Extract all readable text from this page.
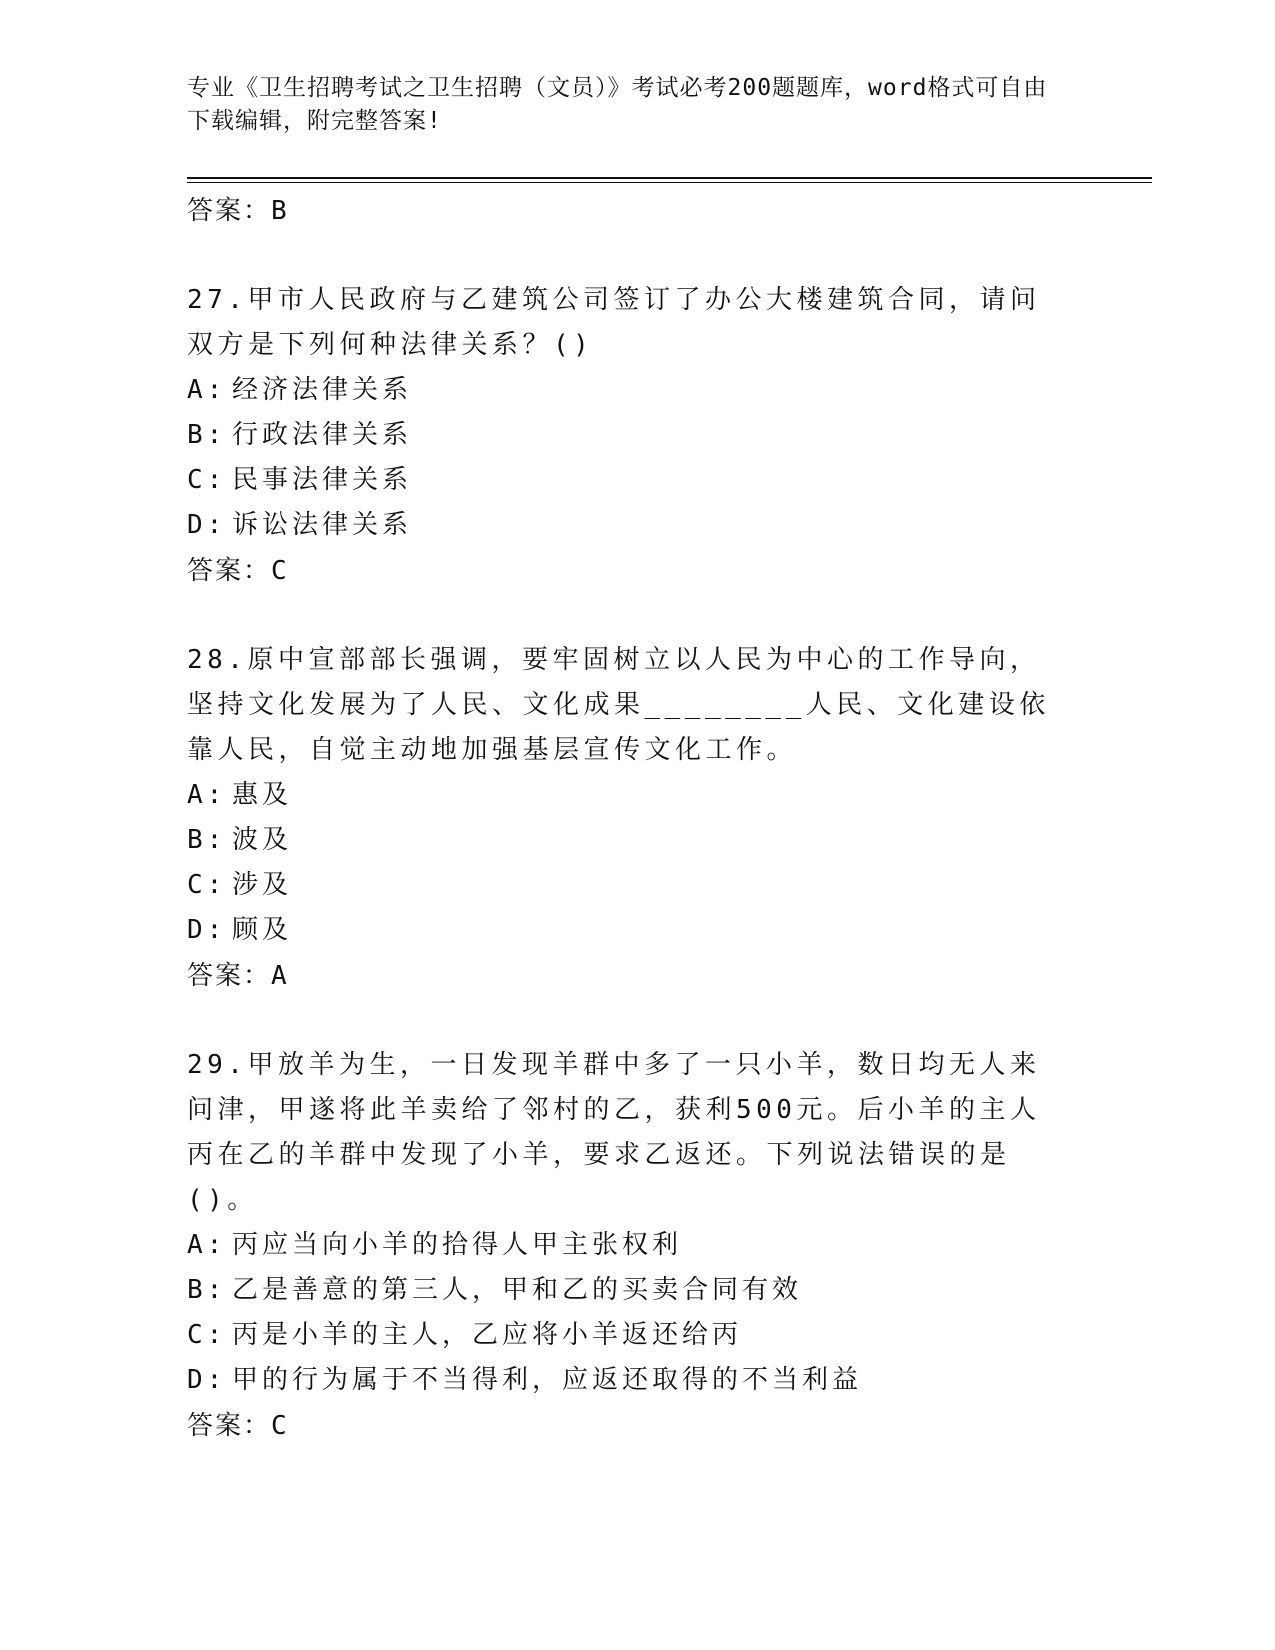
专业《卫生招聘考试之卫生招聘（文员）》考试必考200题题库，word格式可自由下载编辑，附完整答案!

答案：B

27.甲市人民政府与乙建筑公司签订了办公大楼建筑合同，请问双方是下列何种法律关系？()

A: 经济法律关系

B: 行政法律关系

C: 民事法律关系

D: 诉讼法律关系

答案：C

28.原中宣部部长强调，要牢固树立以人民为中心的工作导向，坚持文化发展为了人民、文化成果________人民、文化建设依靠人民，自觉主动地加强基层宣传文化工作。

A: 惠及

B: 波及

C: 涉及

D: 顾及

答案：A

29.甲放羊为生，一日发现羊群中多了一只小羊，数日均无人来问津，甲遂将此羊卖给了邻村的乙，获利500元。后小羊的主人丙在乙的羊群中发现了小羊，要求乙返还。下列说法错误的是()。

A: 丙应当向小羊的拾得人甲主张权利

B: 乙是善意的第三人，甲和乙的买卖合同有效

C: 丙是小羊的主人，乙应将小羊返还给丙

D: 甲的行为属于不当得利，应返还取得的不当利益

答案：C
